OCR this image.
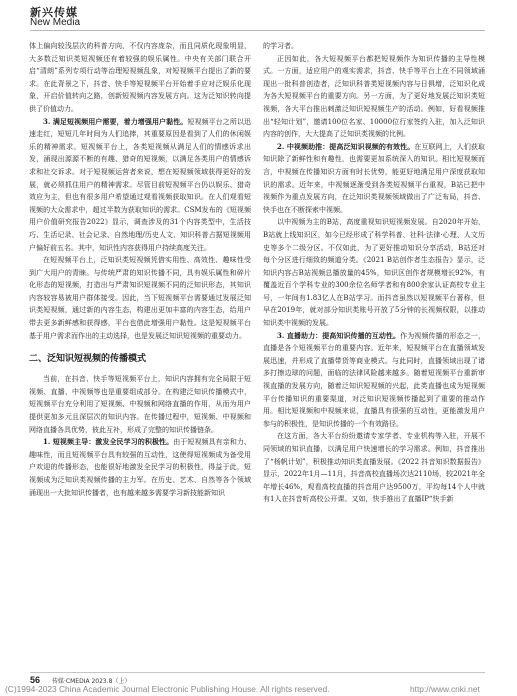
新兴传媒
New Media

体上偏向较浅层次的科普方向，不仅内容庞杂，而且同质化现象明显，大多数泛知识类短视频还有着较强的娱乐属性。中央有关部门联合开启“清朗”系列专项行动等治理短视频乱象，对短视频平台提出了新的要求。在此背景之下，抖音、快手等短视频平台开始着手应对泛娱乐化现象，开启价值转向之路，创新短视频内容发展方向。这为泛知识转向提供了价值动力。

3. 满足短视频用户需要，着力增强用户黏性。短视频平台之所以迅速走红，短短几年时间为人们追捧，其重要原因是看到了人们的休闲娱乐的精神需求。短视频平台上，各类短视频从满足人们的情感诉求出发，涌现出源源不断的有趣、猎奇的短视频，以满足各类用户的情感诉求和社交诉求。对于短视频运营者来说，想在短视频领域获得更好的发展，就必须抓住用户的精神需求。尽管目前短视频平台仍以娱乐、猎奇效应为主，但也有很多用户希望通过观看视频获取知识。在人们观看短视频的大众需求中，超过半数为获取知识的需求。CSM发布的《短视频用户价值研究报告2022》显示，调查涉及的31个内容类型中，生活技巧、生活记录、社会记录、自然地理/历史人文、知识科普占据短视频用户偏好前五名。其中，知识性内容获得用户持续高度关注。

在短视频平台上，泛知识类短视频凭借实用性、高效性、趣味性受到广大用户的青睐。与传统严肃的知识传播不同，具有娱乐属性和碎片化形态的短视频，打造出与严肃知识短视频不同的泛知识形态，其知识内容较容易被用户群体接受。因此，当下短视频平台需要通过发展泛知识类短视频，通过新的内容生态，构建出更加丰富的内容生态，给用户带去更多新鲜感和获得感，平台也借此增强用户黏性。这是短视频平台基于用户需求而作出的主动选择，也是发展泛知识短视频的重要动力。

二、泛知识短视频的传播模式

当前，在抖音、快手等短视频平台上，知识内容拥有完全局限于短视频、直播、中视频等也是重要组成部分。在构建泛知识传播模式中，短视频平台充分利用了短视频、中视频和网络直播的作用，从而为用户提供更加多元且深层次的知识内容。在传播过程中，短视频、中视频和网络直播各具优势，彼此互补，形成了完整的知识传播链条。

1. 短视频主导：激发全民学习的积极性。由于短视频具有亲和力、趣味性，而且短视频平台具有较强的互动性，这使得短视频成为备受用户欢迎的传播形态，也能很好地激发全民学习的积极性，得益于此，短视频成为泛知识类视频传播的主力军。在历史、艺术、自然等各个领域涌现出一大批知识传播者，也有越来越多需要学习新技能新知识

的学习者。

正因如此，各大短视频平台都把短视频作为知识传播的主导性模式。一方面，适应用户的观实需求，抖音、快手等平台上在不同领域涌现出一批科普创造者，泛知识科普类短视频内容与日俱增，泛知识化成为各大短视频平台的重要方向。另一方面，为了更好地发展泛知识类短视频，各大平台推出刺激泛知识短视频生产的活动。例如，好看视频推出“轻知计划”，邀请100位名家、10000位行家签约入驻，加入泛知识内容的创作，大大提高了泛知识类视频的比例。

2. 中视频助推：提高泛知识视频的有效性。在互联网上，人们获取知识除了新鲜性和有趣性，也需要更加系统深入的知识。相比短视频而言，中视频在传播知识方面有时长优势，能更好地满足用户深度获取知识的需求。近年来，中视频逐渐受到各类短视频平台重视，B站已把中视频作为重点发展方向，在泛知识类视频领域做出了广泛布局，抖音、快手也在不断探索中视频。

以中视频为主的B站，高度重视知识短视频发展。自2020年开始，B站就上线知识区，如今已经形成了科学科普、社科·法律·心理、人文历史等多个二级分区。不仅如此，为了更好推动知识分享活动，B站还对每个分区进行细致的频道分类。《2021 B站创作者生态报告》显示，泛知识内容占B站视频总播放量的45%，知识区创作者规模增长92%，有覆盖近百个学科专业的300余位名师学者和有800余家认证高校专业主号，一年间有1.83亿人在B站学习。而抖音虽然以短视频平台著称，但早在2019年，就对部分知识类账号开放了5分钟的长视频权限，以推动知识类中视频的发展。

3. 直播助力：提高知识传播的互动性。作为视频传播的形态之一，直播是各个短视频平台的重要内容。近年来，短视频平台在直播领域发展迅速，并形成了直播带货等商业模式。与此同时，直播领域出现了诸多打擦边球的问题，面临的法律风险越来越多。随着短视频平台重新审视直播的发展方向，随着泛知识短视频的兴起，此类直播也成为短视频平台传播知识的重要渠道，对泛知识短视频传播起到了重要的推动作用。相比短视频和中视频来说，直播具有很强的互动性，更能激发用户参与的积极性，是知识传播的一个有效路径。

在这方面，各大平台纷纷邀请专家学者、专业机构等入驻，开展不同领域的知识直播，以满足用户快速增长的学习需求。例如，抖音推出了“杨帆计划”，积极推动知识类直播发展。《2022 抖音知识数据报告》显示，2022年1月—11月，抖音高校直播场次达2110场，较2021年全年增长46%，观看高校直播的抖音用户达9500万，平均每14个人中就有1人在抖音听高校公开课。又如，快手推出了直播IP“快手新

56 传媒·CMEDIA 2023.8（上）
(C)1994-2023 China Academic Journal Electronic Publishing House. All rights reserved.	http://www.cnki.net
